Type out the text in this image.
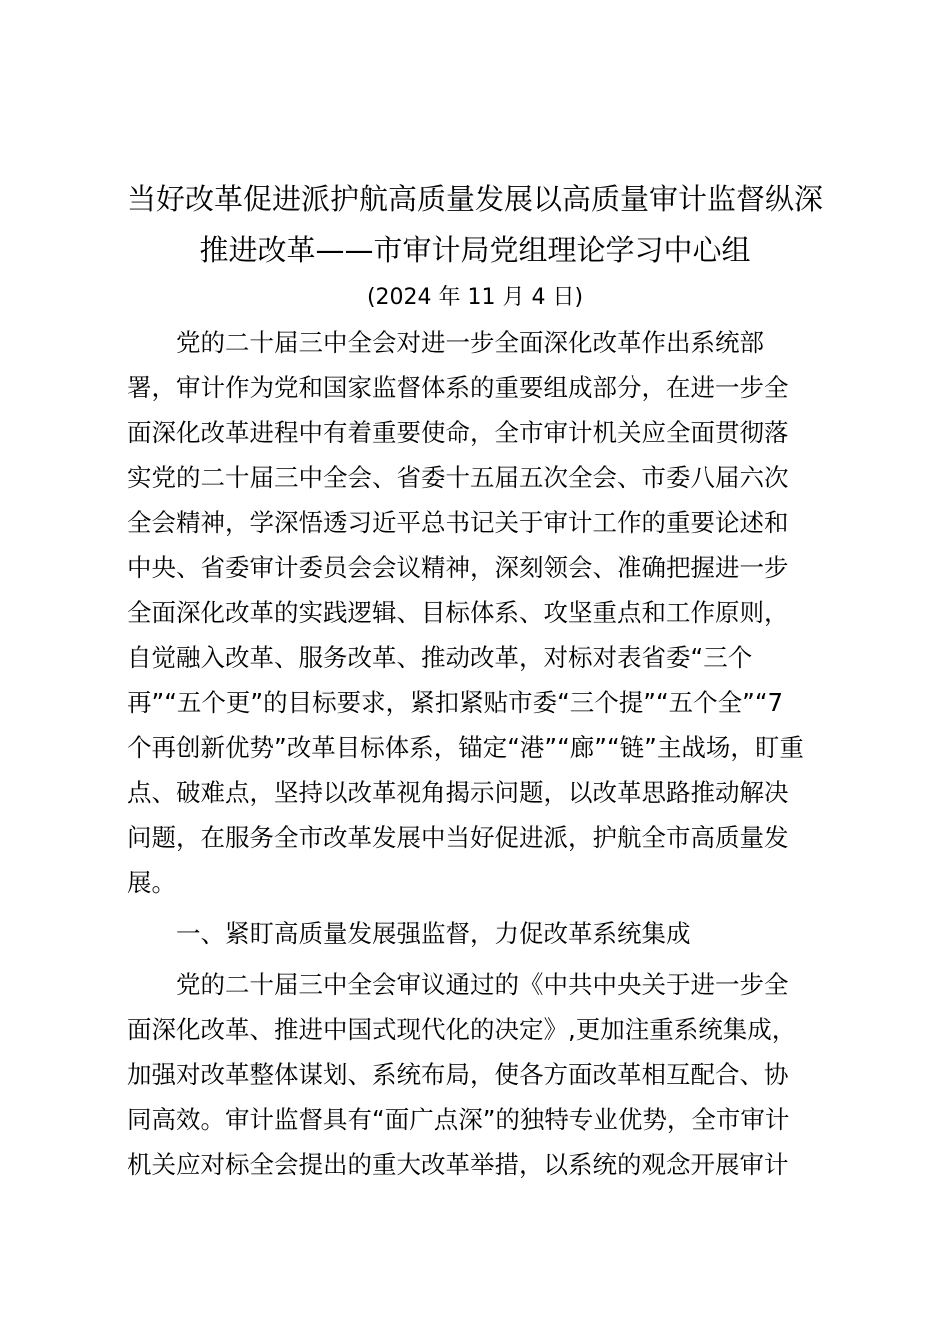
当好改革促进派护航高质量发展以高质量审计监督纵深
推进改革——市审计局党组理论学习中心组

(2024 年 11 月 4 日)

　　党的二十届三中全会对进一步全面深化改革作出系统部
署，审计作为党和国家监督体系的重要组成部分，在进一步全
面深化改革进程中有着重要使命，全市审计机关应全面贯彻落
实党的二十届三中全会、省委十五届五次全会、市委八届六次
全会精神，学深悟透习近平总书记关于审计工作的重要论述和
中央、省委审计委员会会议精神，深刻领会、准确把握进一步
全面深化改革的实践逻辑、目标体系、攻坚重点和工作原则，
自觉融入改革、服务改革、推动改革，对标对表省委“三个
再”“五个更”的目标要求，紧扣紧贴市委“三个提”“五个全”“7
个再创新优势”改革目标体系，锚定“港”“廊”“链”主战场，盯重
点、破难点，坚持以改革视角揭示问题，以改革思路推动解决
问题，在服务全市改革发展中当好促进派，护航全市高质量发
展。
　　一、紧盯高质量发展强监督，力促改革系统集成
　　党的二十届三中全会审议通过的《中共中央关于进一步全
面深化改革、推进中国式现代化的决定》,更加注重系统集成，
加强对改革整体谋划、系统布局，使各方面改革相互配合、协
同高效。审计监督具有“面广点深”的独特专业优势，全市审计
机关应对标全会提出的重大改革举措，以系统的观念开展审计
